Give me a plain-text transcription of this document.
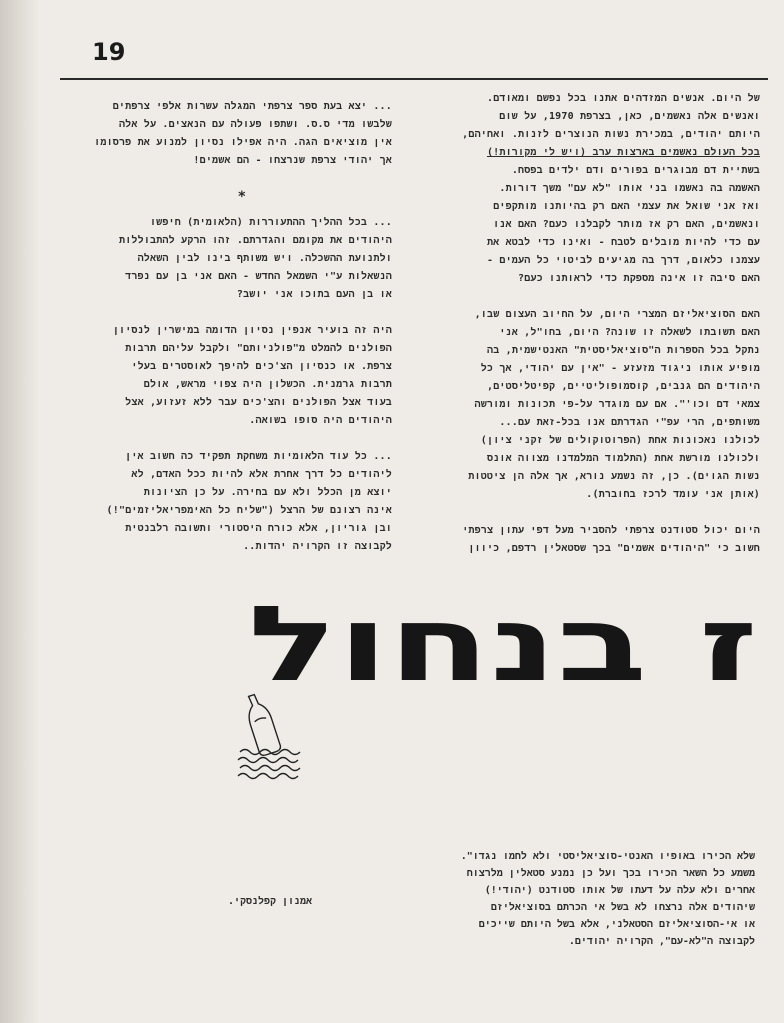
19

של היום. אנשים המזדהים אתנו בכל נפשם ומאודם.
ואנשים אלה נאשמים, כאן, בצרפת 1970, על שום
היותם יהודים, במכירת נשות הנוצרים לזנות. ואחיהם,
בכל העולם נאשמים בארצות ערב (ויש לי מקורות!)
בשתיית דם מבוגרים בפורים ודם ילדים בפסח.
האשמה בה נאשמו בני אותו "לא עם" משך דורות.
ואז אני שואל את עצמי האם רק בהיותנו מותקפים
ונאשמים, האם רק אז מותר לקבלנו כעם? האם אנו
עם כדי להיות מובלים לטבח - ואינו כדי לבטא את
עצמנו כלאום, דרך בה מגיעים לביטוי כל העמים -
האם סיבה זו אינה מספקת כדי לראותנו כעם?

האם הסוציאליזם המצרי היום, על החיוב העצום שבו,
האם תשובתו לשאלה זו שונה? היום, בחו"ל, אני
נתקל בכל הספרות ה"סוציאליסטית" האנטישמית, בה
מופיע אותו ניגוד מזעזע - "אין עם יהודי, אך כל
היהודים הם גנבים, קוסמופוליטיים, קפיטליסטים,
צמאי דם וכו'". אם עם מוגדר על-פי תכונות ומורשה
משותפים, הרי עפ"י הגדרתם אנו בכל-זאת עם...
לכולנו נאכונות אחת (הפרוטוקולים של זקני ציון)
ולכולנו מורשת אחת (התלמוד המלמדנו מצווה אונס
נשות הגוים). כן, זה נשמע נורא, אך אלה הן ציטטות
(אותן אני עומד לרכז בחוברת).

היום יכול סטודנט צרפתי להסביר מעל דפי עתון צרפתי
חשוב כי "היהודים אשמים" בכך שסטאלין רדפם, כיוון

... יצא בעת ספר צרפתי המגלה עשרות אלפי צרפתים
שלבשו מדי ס.ס. ושתפו פעולה עם הנאצים. על אלה
אין מוציאים הגה. היה אפילו נסיון למנוע את פרסומו
אך יהודי צרפת שנרצחו - הם אשמים!

*

... בכל ההליך ההתעוררות (הלאומית) חיפשו
היהודים את מקומם והגדרתם. זהו הרקע להתבוללות
ולתנועת ההשכלה. ויש משותף בינו לבין השאלה
הנשאלות ע"י השמאל החדש - האם אני בן עם נפרד
או בן העם בתוכו אני יושב?

היה זה בועיר אנפין נסיון הדומה במישרין לנסיון
הפולנים להמלט מ"פולניותם" ולקבל עליהם תרבות
צרפת. או כנסיון הצ'כים להיפך לאוסטרים בעלי
תרבות גרמנית. הכשלון היה צפוי מראש, אולם
בעוד אצל הפולנים והצ'כים עבר ללא זעזוע, אצל
היהודים היה סופו בשואה.

... כל עוד הלאומיות משחקת תפקיד כה חשוב אין
ליהודים כל דרך אחרת אלא להיות ככל האדם, לא
יוצא מן הכלל ולא עם בחירה. על כן הציונות
אינה רצונם של הרצל ("שליח כל האימפריאליזמים"!)
ובן גוריון, אלא כורח היסטורי ותשובה רלבנטית
לקבוצה זו הקרויה יהדות..

ז בנחול
שלא הכירו באופיו האנטי-סוציאליסטי ולא לחמו נגדו".
משמע כל השאר הכירו בכך ועל כן נמנע סטאלין מלרצוח
אחרים ולא עלה על דעתו של אותו סטודנט (יהודי!)
שיהודים אלה נרצחו לא בשל אי הכרתם בסוציאליזם
או אי-הסוציאליזם הסטאלני, אלא בשל היותם שייכים
לקבוצה ה"לא-עם", הקרויה יהודים.
אמנון קפלנסקי.
